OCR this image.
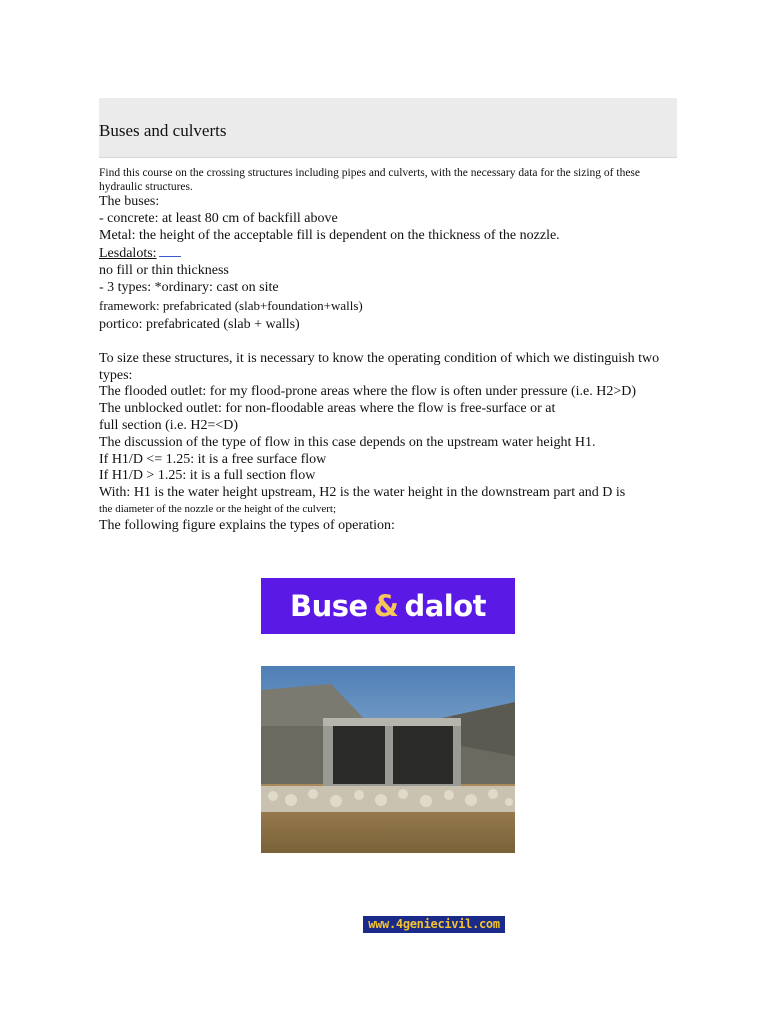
Buses and culverts
Find this course on the crossing structures including pipes and culverts, with the necessary data for the sizing of these hydraulic structures.
The buses:
- concrete: at least 80 cm of backfill above
Metal: the height of the acceptable fill is dependent on the thickness of the nozzle.
Lesdalots:
no fill or thin thickness
- 3 types: *ordinary: cast on site
framework: prefabricated (slab+foundation+walls)
portico: prefabricated (slab + walls)
To size these structures, it is necessary to know the operating condition of which we distinguish two types:
The flooded outlet: for my flood-prone areas where the flow is often under pressure (i.e. H2>D)
The unblocked outlet: for non-floodable areas where the flow is free-surface or at
full section (i.e. H2=<D)
The discussion of the type of flow in this case depends on the upstream water height H1.
If H1/D <= 1.25: it is a free surface flow
If H1/D > 1.25: it is a full section flow
With: H1 is the water height upstream, H2 is the water height in the downstream part and D is
the diameter of the nozzle or the height of the culvert;
The following figure explains the types of operation:
Buse & dalot
www.4geniecivil.com
